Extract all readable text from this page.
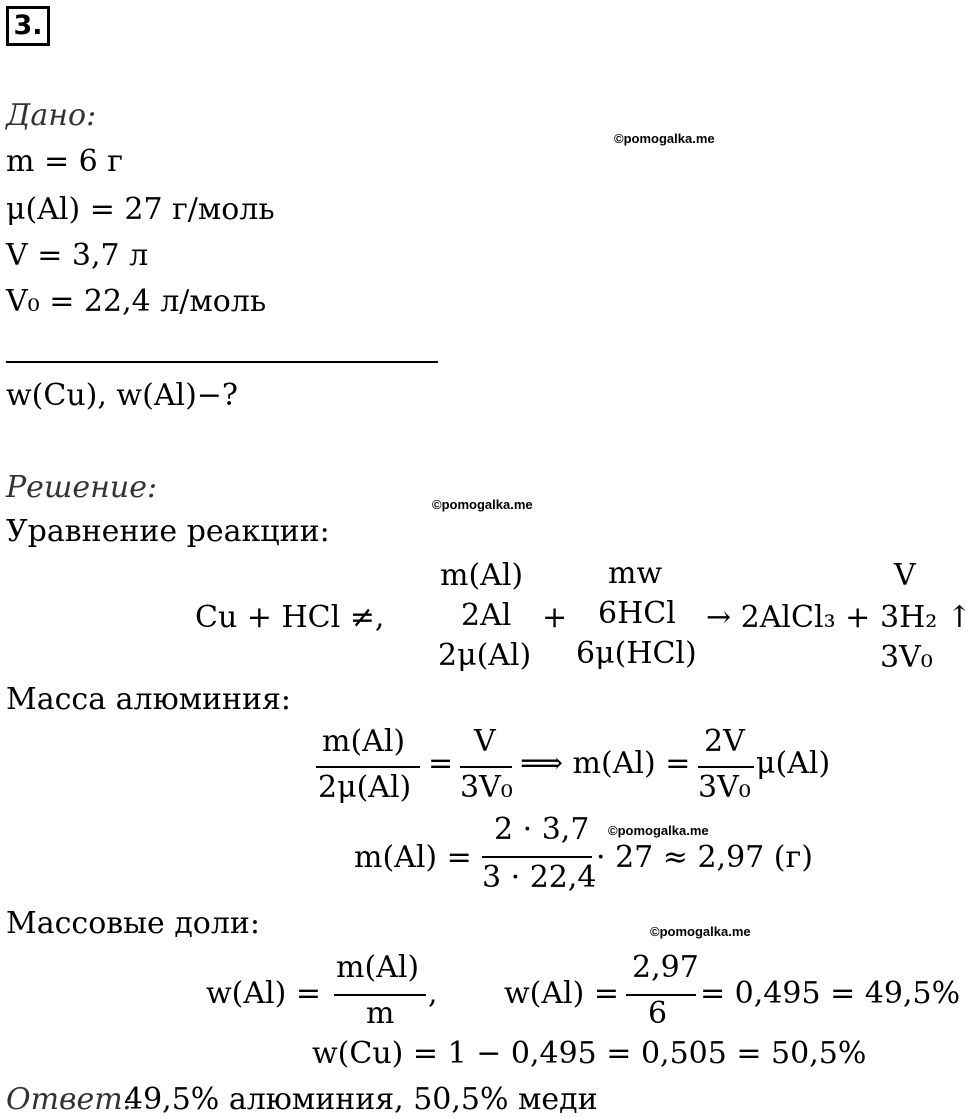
3.
Дано:
m = 6 г
μ(Al) = 27 г/моль
V = 3,7 л
V₀ = 22,4 л/моль
w(Cu), w(Al)−?
©pomogalka.me
Решение:	©pomogalka.me
Уравнение реакции:
Cu + HCl ≠,
m(Al)
2Al
2μ(Al)
+
mw
6HCl
6μ(HCl)
→ 2AlCl₃ +
V
3H₂ ↑
3V₀
Масса алюминия:
m(Al)
2μ(Al)
=
V
3V₀
⟹ m(Al) =
2V
3V₀
μ(Al)
m(Al) =
2 · 3,7
3 · 22,4
· 27 ≈ 2,97 (г)
©pomogalka.me
Массовые доли:	©pomogalka.me
w(Al) =
m(Al)
m
, w(Al) =
2,97
6
= 0,495 = 49,5%
w(Cu) = 1 − 0,495 = 0,505 = 50,5%
Ответ:
49,5% алюминия, 50,5% меди
